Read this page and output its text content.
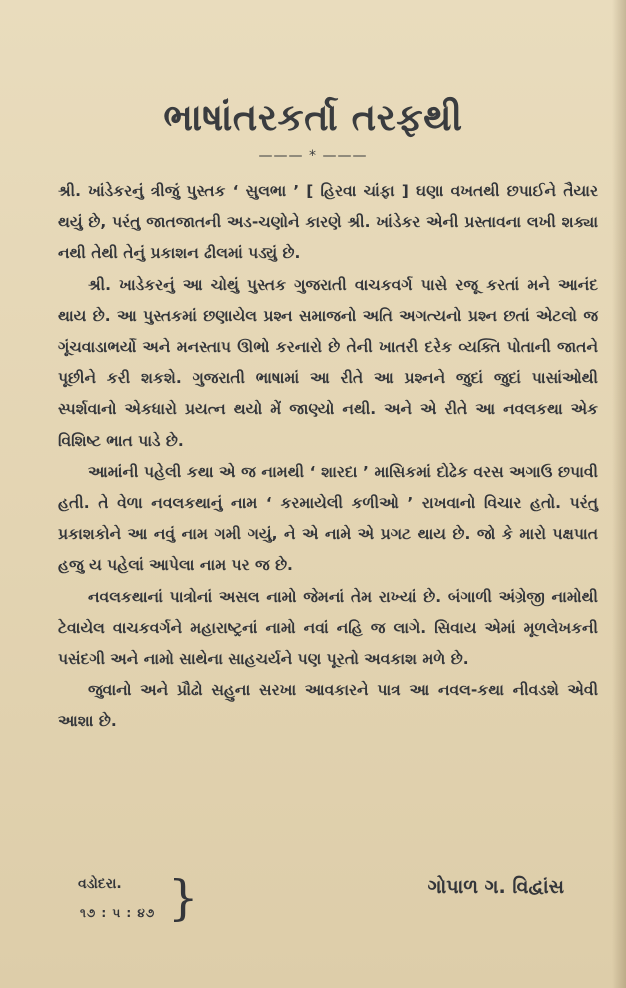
ભાષાંતરકર્તા તરફથી
——— * ———

શ્રી. ખાંડેકરનું ત્રીજું પુસ્તક ‘ સુલભા ’ [ હિરવા ચાંફા ] ઘણા વખતથી છપાઈને તૈયાર થયું છે, પરંતુ જાતજાતની અડ-ચણોને કારણે શ્રી. ખાંડેકર એની પ્રસ્તાવના લખી શક્યા નથી તેથી તેનું પ્રકાશન ઢીલમાં પડ્યું છે.

શ્રી. ખાડેકરનું આ ચોથું પુસ્તક ગુજરાતી વાચકવર્ગ પાસે રજૂ કરતાં મને આનંદ થાય છે. આ પુસ્તકમાં છણાયેલ પ્રશ્ન સમાજનો અતિ અગત્યનો પ્રશ્ન છતાં એટલો જ ગૂંચવાડાભર્યો અને મનસ્તાપ ઊભો કરનારો છે તેની ખાતરી દરેક વ્યક્તિ પોતાની જાતને પૂછીને કરી શકશે. ગુજરાતી ભાષામાં આ રીતે આ પ્રશ્નને જુદાં જુદાં પાસાંઓથી સ્પર્શવાનો એકધારો પ્રયત્ન થયો મેં જાણ્યો નથી. અને એ રીતે આ નવલકથા એક વિશિષ્ટ ભાત પાડે છે.

આમાંની પહેલી કથા એ જ નામથી ‘ શારદા ’ માસિકમાં દોઢેક વરસ અગાઉ છપાવી હતી. તે વેળા નવલકથાનું નામ ‘ કરમાયેલી કળીઓ ’ રાખવાનો વિચાર હતો. પરંતુ પ્રકાશકોને આ નવું નામ ગમી ગયું, ને એ નામે એ પ્રગટ થાય છે. જો કે મારો પક્ષપાત હજુ ય પહેલાં આપેલા નામ પર જ છે.

નવલકથાનાં પાત્રોનાં અસલ નામો જેમનાં તેમ રાખ્યાં છે. બંગાળી અંગ્રેજી નામોથી ટેવાયેલ વાચકવર્ગને મહારાષ્ટ્રનાં નામો નવાં નહિ જ લાગે. સિવાય એમાં મૂળલેખકની પસંદગી અને નામો સાથેના સાહચર્યને પણ પૂરતો અવકાશ મળે છે.

જુવાનો અને પ્રૌઢો સહુના સરખા આવકારને પાત્ર આ નવલ-કથા નીવડશે એવી આશા છે.

વડોદરા.
૧૭ : ૫ : ૪૭ }	ગોપાળ ગ. વિદ્વાંસ
